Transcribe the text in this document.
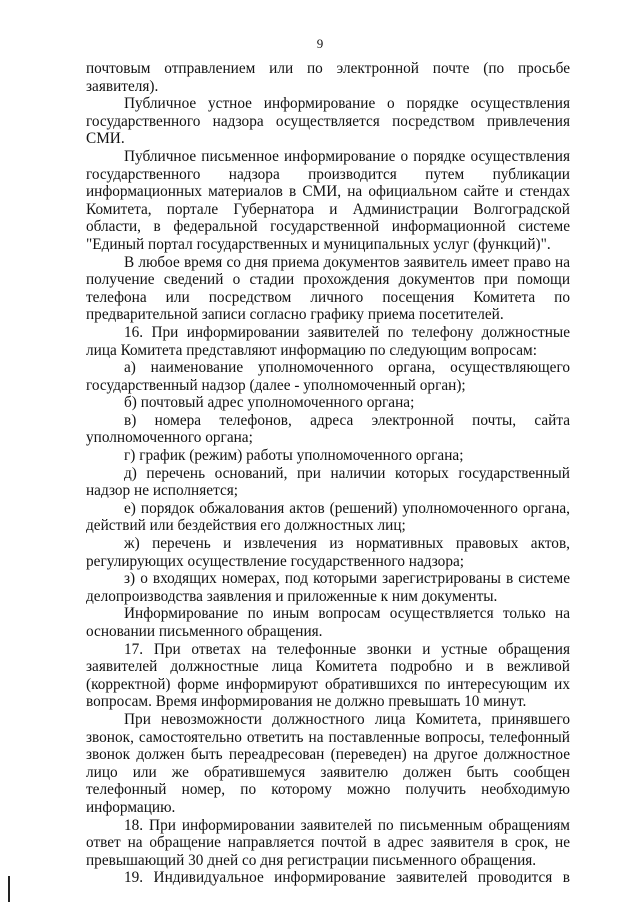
9

почтовым отправлением или по электронной почте (по просьбе заявителя).

Публичное устное информирование о порядке осуществления государственного надзора осуществляется посредством привлечения СМИ.

Публичное письменное информирование о порядке осуществления государственного надзора производится путем публикации информационных материалов в СМИ, на официальном сайте и стендах Комитета, портале Губернатора и Администрации Волгоградской области, в федеральной государственной информационной системе "Единый портал государственных и муниципальных услуг (функций)".

В любое время со дня приема документов заявитель имеет право на получение сведений о стадии прохождения документов при помощи телефона или посредством личного посещения Комитета по предварительной записи согласно графику приема посетителей.

16. При информировании заявителей по телефону должностные лица Комитета представляют информацию по следующим вопросам:

а) наименование уполномоченного органа, осуществляющего государственный надзор (далее - уполномоченный орган);

б) почтовый адрес уполномоченного органа;

в) номера телефонов, адреса электронной почты, сайта уполномоченного органа;

г) график (режим) работы уполномоченного органа;

д) перечень оснований, при наличии которых государственный надзор не исполняется;

е) порядок обжалования актов (решений) уполномоченного органа, действий или бездействия его должностных лиц;

ж) перечень и извлечения из нормативных правовых актов, регулирующих осуществление государственного надзора;

з) о входящих номерах, под которыми зарегистрированы в системе делопроизводства заявления и приложенные к ним документы.

Информирование по иным вопросам осуществляется только на основании письменного обращения.

17. При ответах на телефонные звонки и устные обращения заявителей должностные лица Комитета подробно и в вежливой (корректной) форме информируют обратившихся по интересующим их вопросам. Время информирования не должно превышать 10 минут.

При невозможности должностного лица Комитета, принявшего звонок, самостоятельно ответить на поставленные вопросы, телефонный звонок должен быть переадресован (переведен) на другое должностное лицо или же обратившемуся заявителю должен быть сообщен телефонный номер, по которому можно получить необходимую информацию.

18. При информировании заявителей по письменным обращениям ответ на обращение направляется почтой в адрес заявителя в срок, не превышающий 30 дней со дня регистрации письменного обращения.

19. Индивидуальное информирование заявителей проводится в
